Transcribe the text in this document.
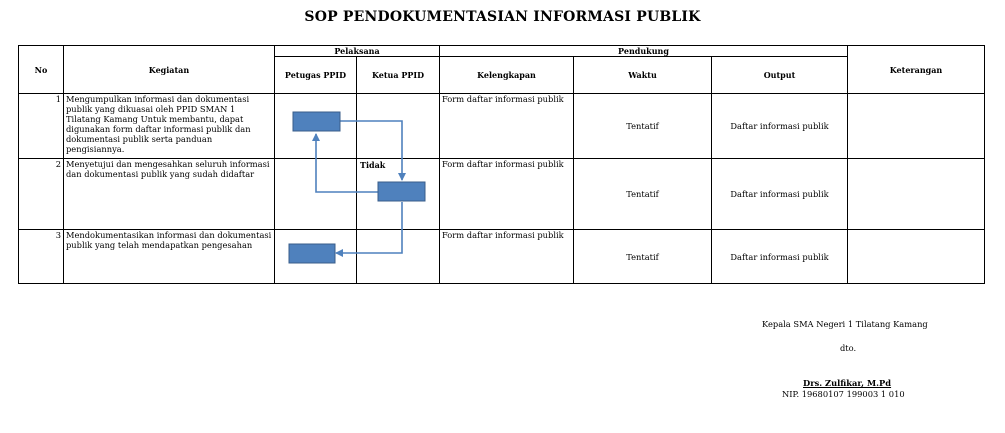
SOP PENDOKUMENTASIAN INFORMASI PUBLIK
No	Kegiatan	Pelaksana		Pendukung			Keterangan
		Petugas PPID	Ketua PPID	Kelengkapan	Waktu	Output	
1	Mengumpulkan informasi dan dokumentasi publik yang dikuasai oleh PPID SMAN 1 Tilatang Kamang Untuk membantu, dapat digunakan form daftar informasi publik dan dokumentasi publik serta panduan pengisiannya.			Form daftar informasi publik	Tentatif	Daftar informasi publik	
2	Menyetujui dan mengesahkan seluruh informasi dan dokumentasi publik yang sudah didaftar			Form daftar informasi publik	Tentatif	Daftar informasi publik	
3	Mendokumentasikan informasi dan dokumentasi publik yang telah mendapatkan pengesahan			Form daftar informasi publik	Tentatif	Daftar informasi publik	
Tidak
Kepala SMA Negeri 1 Tilatang Kamang
dto.
Drs. Zulfikar, M.Pd
NIP. 19680107 199003 1 010
